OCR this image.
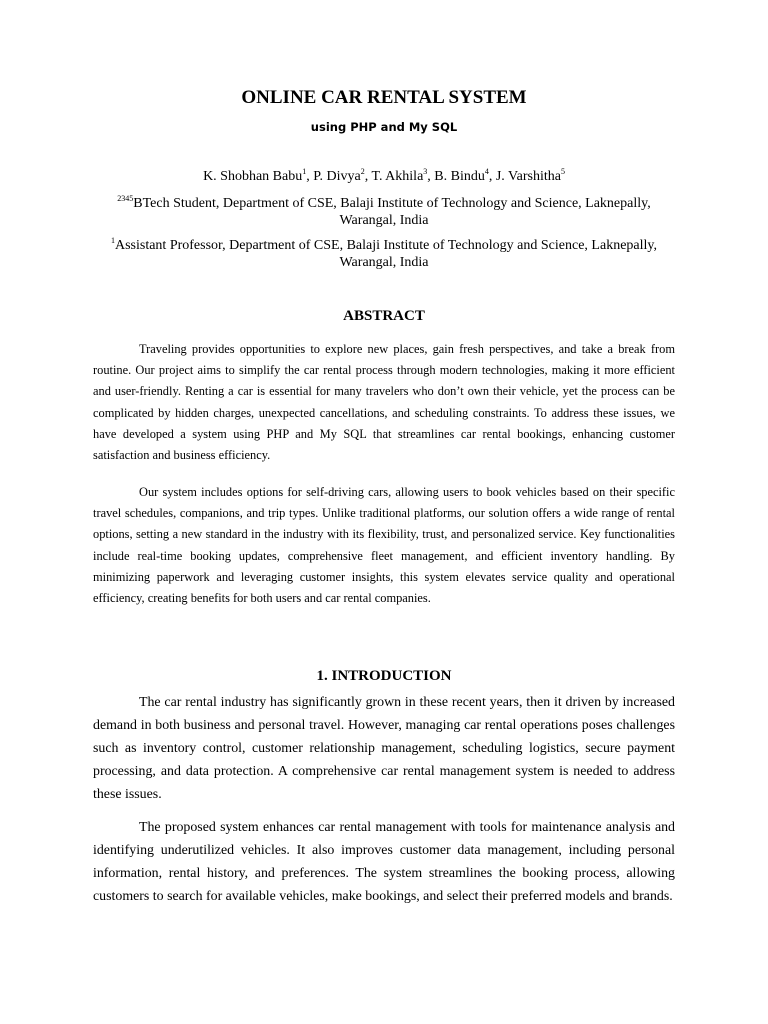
ONLINE CAR RENTAL SYSTEM

using PHP and My SQL

K. Shobhan Babu$^1$, P. Divya$^2$, T. Akhila$^3$, B. Bindu$^4$, J. Varshitha$^5$

$^{2345}$BTech Student, Department of CSE, Balaji Institute of Technology and Science, Laknepally, Warangal, India

$^1$Assistant Professor, Department of CSE, Balaji Institute of Technology and Science, Laknepally, Warangal, India

ABSTRACT

Traveling provides opportunities to explore new places, gain fresh perspectives, and take a break from routine. Our project aims to simplify the car rental process through modern technologies, making it more efficient and user-friendly. Renting a car is essential for many travelers who don’t own their vehicle, yet the process can be complicated by hidden charges, unexpected cancellations, and scheduling constraints. To address these issues, we have developed a system using PHP and My SQL that streamlines car rental bookings, enhancing customer satisfaction and business efficiency.

Our system includes options for self-driving cars, allowing users to book vehicles based on their specific travel schedules, companions, and trip types. Unlike traditional platforms, our solution offers a wide range of rental options, setting a new standard in the industry with its flexibility, trust, and personalized service. Key functionalities include real-time booking updates, comprehensive fleet management, and efficient inventory handling. By minimizing paperwork and leveraging customer insights, this system elevates service quality and operational efficiency, creating benefits for both users and car rental companies.

1. INTRODUCTION

The car rental industry has significantly grown in these recent years, then it driven by increased demand in both business and personal travel. However, managing car rental operations poses challenges such as inventory control, customer relationship management, scheduling logistics, secure payment processing, and data protection. A comprehensive car rental management system is needed to address these issues.

The proposed system enhances car rental management with tools for maintenance analysis and identifying underutilized vehicles. It also improves customer data management, including personal information, rental history, and preferences. The system streamlines the booking process, allowing customers to search for available vehicles, make bookings, and select their preferred models and brands.
